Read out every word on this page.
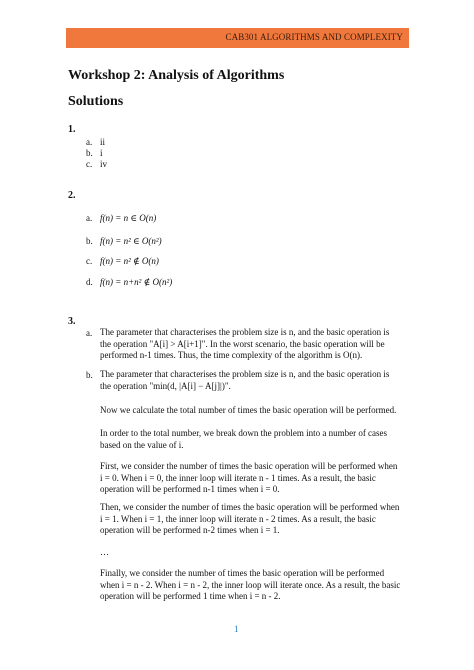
CAB301 ALGORITHMS AND COMPLEXITY
Workshop 2: Analysis of Algorithms
Solutions
1.
a. ii
b. i
c. iv
2.
a. f(n) = n ∈ O(n)
b. f(n) = n² ∈ O(n²)
c. f(n) = n² ∉ O(n)
d. f(n) = n+n² ∉ O(n²)
3.
a. The parameter that characterises the problem size is n, and the basic operation is the operation "A[i] > A[i+1]". In the worst scenario, the basic operation will be performed n-1 times. Thus, the time complexity of the algorithm is O(n).
b. The parameter that characterises the problem size is n, and the basic operation is the operation "min(d, |A[i] − A[j]|)".
Now we calculate the total number of times the basic operation will be performed.
In order to the total number, we break down the problem into a number of cases based on the value of i.
First, we consider the number of times the basic operation will be performed when i = 0. When i = 0, the inner loop will iterate n - 1 times. As a result, the basic operation will be performed n-1 times when i = 0.
Then, we consider the number of times the basic operation will be performed when i = 1. When i = 1, the inner loop will iterate n - 2 times. As a result, the basic operation will be performed n-2 times when i = 1.
…
Finally, we consider the number of times the basic operation will be performed when i = n - 2. When i = n - 2, the inner loop will iterate once. As a result, the basic operation will be performed 1 time when i = n - 2.
1
